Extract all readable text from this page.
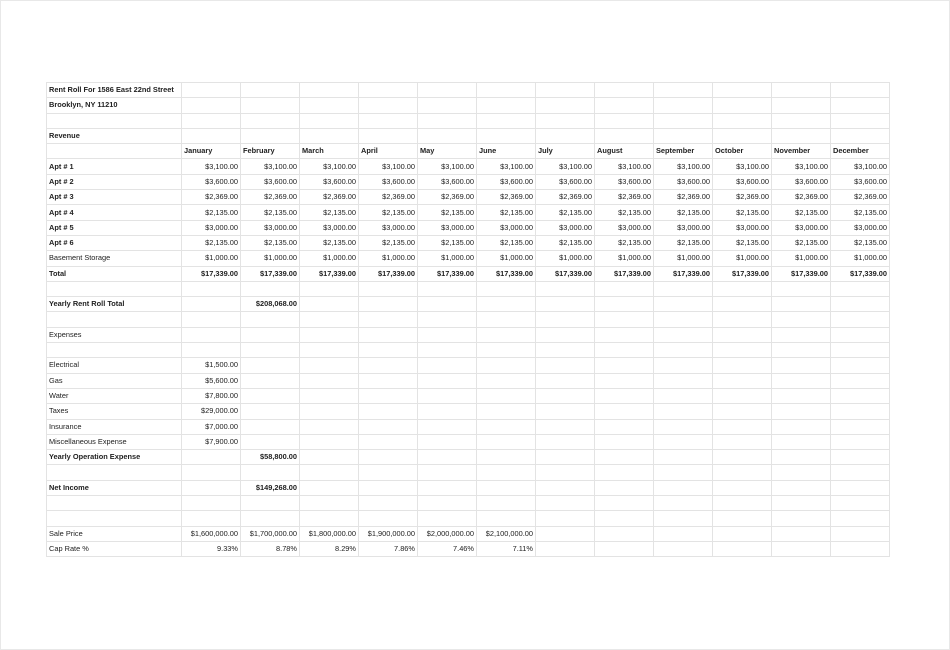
Rent Roll For 1586 East 22nd Street												
Brooklyn, NY 11210												

Revenue												
	January	February	March	April	May	June	July	August	September	October	November	December
Apt # 1	$3,100.00	$3,100.00	$3,100.00	$3,100.00	$3,100.00	$3,100.00	$3,100.00	$3,100.00	$3,100.00	$3,100.00	$3,100.00	$3,100.00
Apt # 2	$3,600.00	$3,600.00	$3,600.00	$3,600.00	$3,600.00	$3,600.00	$3,600.00	$3,600.00	$3,600.00	$3,600.00	$3,600.00	$3,600.00
Apt # 3	$2,369.00	$2,369.00	$2,369.00	$2,369.00	$2,369.00	$2,369.00	$2,369.00	$2,369.00	$2,369.00	$2,369.00	$2,369.00	$2,369.00
Apt # 4	$2,135.00	$2,135.00	$2,135.00	$2,135.00	$2,135.00	$2,135.00	$2,135.00	$2,135.00	$2,135.00	$2,135.00	$2,135.00	$2,135.00
Apt # 5	$3,000.00	$3,000.00	$3,000.00	$3,000.00	$3,000.00	$3,000.00	$3,000.00	$3,000.00	$3,000.00	$3,000.00	$3,000.00	$3,000.00
Apt # 6	$2,135.00	$2,135.00	$2,135.00	$2,135.00	$2,135.00	$2,135.00	$2,135.00	$2,135.00	$2,135.00	$2,135.00	$2,135.00	$2,135.00
Basement Storage	$1,000.00	$1,000.00	$1,000.00	$1,000.00	$1,000.00	$1,000.00	$1,000.00	$1,000.00	$1,000.00	$1,000.00	$1,000.00	$1,000.00
Total	$17,339.00	$17,339.00	$17,339.00	$17,339.00	$17,339.00	$17,339.00	$17,339.00	$17,339.00	$17,339.00	$17,339.00	$17,339.00	$17,339.00

Yearly Rent Roll Total		$208,068.00										

Expenses												

Electrical	$1,500.00											
Gas	$5,600.00											
Water	$7,800.00											
Taxes	$29,000.00											
Insurance	$7,000.00											
Miscellaneous Expense	$7,900.00											
Yearly Operation Expense		$58,800.00										

Net Income		$149,268.00										

Sale Price	$1,600,000.00	$1,700,000.00	$1,800,000.00	$1,900,000.00	$2,000,000.00	$2,100,000.00						
Cap Rate %	9.33%	8.78%	8.29%	7.86%	7.46%	7.11%						
